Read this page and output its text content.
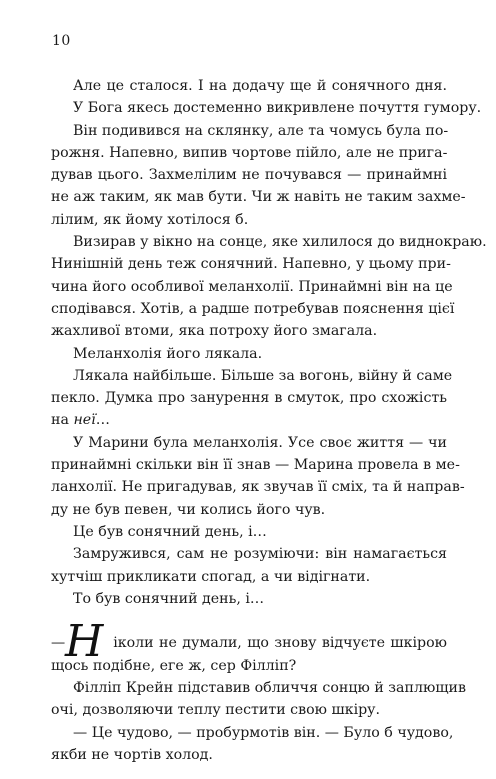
10
Але це сталося. І на додачу ще й сонячного дня.
У Бога якесь достеменно викривлене почуття гумору.
Він подивився на склянку, але та чомусь була по-
рожня. Напевно, випив чортове пійло, але не прига-
дував цього. Захмелілим не почувався — принаймні
не аж таким, як мав бути. Чи ж навіть не таким захме-
лілим, як йому хотілося б.
Визирав у вікно на сонце, яке хилилося до виднокраю.
Нинішній день теж сонячний. Напевно, у цьому при-
чина його особливої меланхолії. Принаймні він на це
сподівався. Хотів, а радше потребував пояснення цієї
жахливої втоми, яка потроху його змагала.
Меланхолія його лякала.
Лякала найбільше. Більше за вогонь, війну й саме
пекло. Думка про занурення в смуток, про схожість
на неї…
У Марини була меланхолія. Усе своє життя — чи
принаймні скільки він її знав — Марина провела в ме-
ланхолії. Не пригадував, як звучав її сміх, та й направ-
ду не був певен, чи колись його чув.
Це був сонячний день, і…
Замружився, сам не розуміючи: він намагається
хутчіш прикликати спогад, а чи відігнати.
То був сонячний день, і…
— Н іколи не думали, що знову відчуєте шкірою
щось подібне, еге ж, сер Філліп?
Філліп Крейн підставив обличчя сонцю й заплющив
очі, дозволяючи теплу пестити свою шкіру.
— Це чудово, — пробурмотів він. — Було б чудово,
якби не чортів холод.
